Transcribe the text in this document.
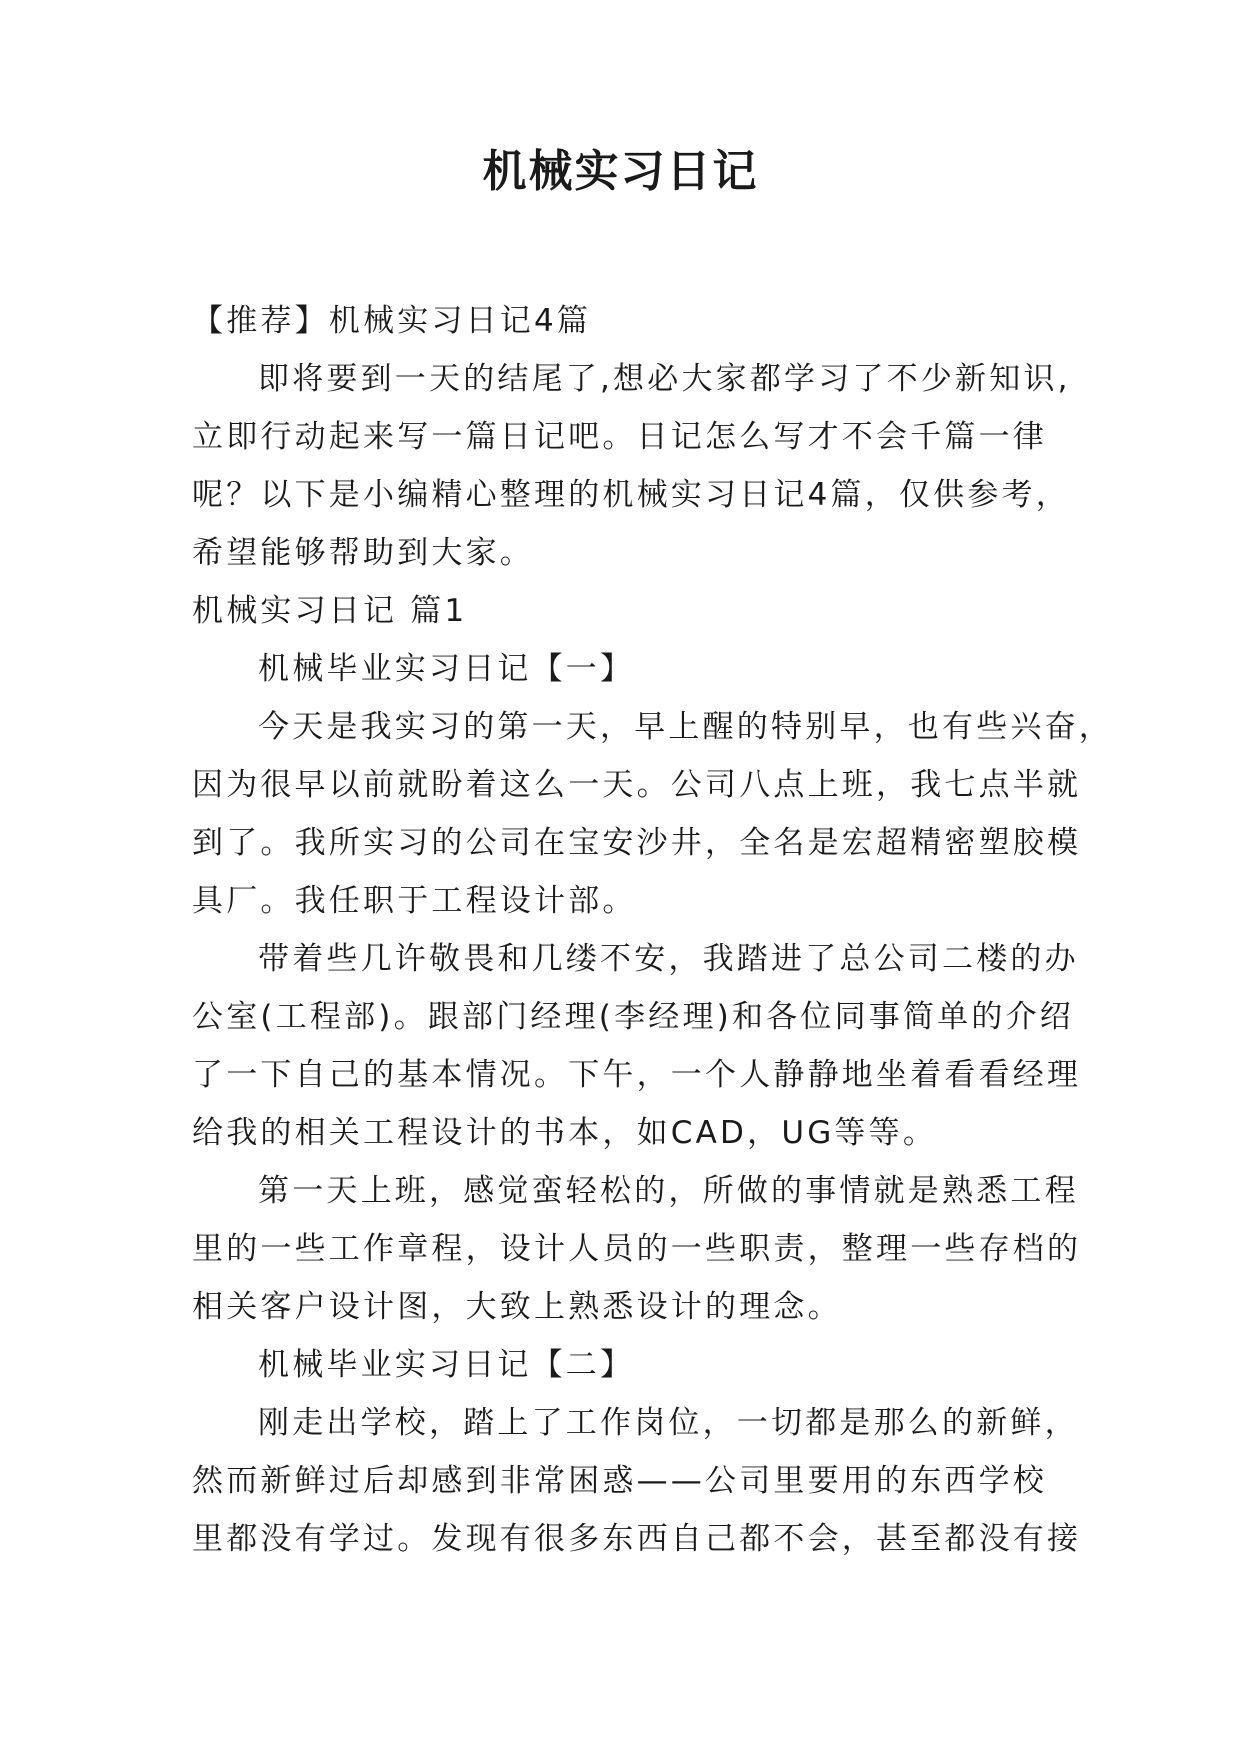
机械实习日记
【推荐】机械实习日记4篇
即将要到一天的结尾了,想必大家都学习了不少新知识,
立即行动起来写一篇日记吧。日记怎么写才不会千篇一律
呢？以下是小编精心整理的机械实习日记4篇，仅供参考，
希望能够帮助到大家。
机械实习日记 篇1
机械毕业实习日记【一】
今天是我实习的第一天，早上醒的特别早，也有些兴奋，
因为很早以前就盼着这么一天。公司八点上班，我七点半就
到了。我所实习的公司在宝安沙井，全名是宏超精密塑胶模
具厂。我任职于工程设计部。
带着些几许敬畏和几缕不安，我踏进了总公司二楼的办
公室(工程部)。跟部门经理(李经理)和各位同事简单的介绍
了一下自己的基本情况。下午，一个人静静地坐着看看经理
给我的相关工程设计的书本，如CAD，UG等等。
第一天上班，感觉蛮轻松的，所做的事情就是熟悉工程
里的一些工作章程，设计人员的一些职责，整理一些存档的
相关客户设计图，大致上熟悉设计的理念。
机械毕业实习日记【二】
刚走出学校，踏上了工作岗位，一切都是那么的新鲜，
然而新鲜过后却感到非常困惑——公司里要用的东西学校
里都没有学过。发现有很多东西自己都不会，甚至都没有接
